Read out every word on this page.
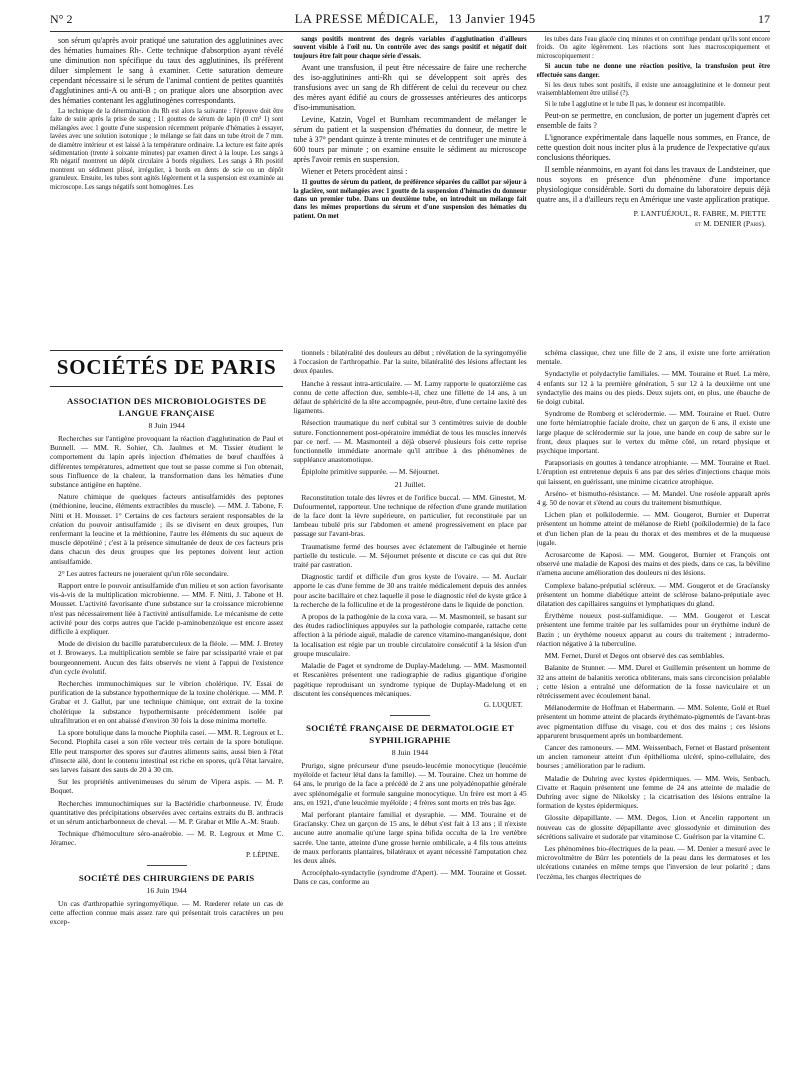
N° 2	LA PRESSE MÉDICALE, 13 Janvier 1945	17

son sérum qu'après avoir pratiqué une saturation des agglutinines avec des hématies humaines Rh-. Cette technique d'absorption ayant révélé une diminution non spécifique du taux des agglutinines, ils préfèrent diluer simplement le sang à examiner. Cette saturation demeure cependant nécessaire si le sérum de l'animal contient de petites quantités d'agglutinines anti-A ou anti-B ; on pratique alors une absorption avec des hématies contenant les agglutinogènes correspondants.

La technique de la détermination du Rh est alors la suivante : l'épreuve doit être faite de suite après la prise de sang ; 11 gouttes de sérum de lapin (0 cm³ 1) sont mélangées avec 1 goutte d'une suspension récemment préparée d'hématies à essayer, lavées avec une solution isotonique ; le mélange se fait dans un tube étroit de 7 mm. de diamètre intérieur et est laissé à la température ordinaire. La lecture est faite après sédimentation (trente à soixante minutes) par examen direct à la loupe. Les sangs à Rh négatif montrent un dépôt circulaire à bords réguliers. Les sangs à Rh positif montrent un sédiment plissé, irrégulier, à bords en dents de scie ou un dépôt granuleux. Ensuite, les tubes sont agités légèrement et la suspension est examinée au microscope. Les sangs négatifs sont homogènes. Les

sangs positifs montrent des degrés variables d'agglutination d'ailleurs souvent visible à l'œil nu. Un contrôle avec des sangs positif et négatif doit toujours être fait pour chaque série d'essais.

Avant une transfusion, il peut être nécessaire de faire une recherche des iso-agglutinines anti-Rh qui se développent soit après des transfusions avec un sang de Rh différent de celui du receveur ou chez des mères ayant édifié au cours de grossesses antérieures des anticorps d'iso-immunisation.

Levine, Katzin, Vogel et Burnham recommandent de mélanger le sérum du patient et la suspension d'hématies du donneur, de mettre le tube à 37° pendant quinze à trente minutes et de centrifuger une minute à 600 tours par minute ; on examine ensuite le sédiment au microscope après l'avoir remis en suspension.

Wiener et Peters procèdent ainsi :

11 gouttes de sérum du patient, de préférence séparées du caillot par séjour à la glacière, sont mélangées avec 1 goutte de la suspension d'hématies du donneur dans un premier tube. Dans un deuxième tube, on introduit un mélange fait dans les mêmes proportions du sérum et d'une suspension des hématies du patient. On met

les tubes dans l'eau glacée cinq minutes et on centrifuge pendant qu'ils sont encore froids. On agite légèrement. Les réactions sont lues macroscopiquement et microscopiquement :

Si aucun tube ne donne une réaction positive, la transfusion peut être effectuée sans danger.

Si les deux tubes sont positifs, il existe une autoagglutinine et le donneur peut vraisemblablement être utilisé (?).

Si le tube I agglutine et le tube II pas, le donneur est incompatible.

Peut-on se permettre, en conclusion, de porter un jugement d'après cet ensemble de faits ?

L'ignorance expérimentale dans laquelle nous sommes, en France, de cette question doit nous inciter plus à la prudence de l'expectative qu'aux conclusions théoriques.

Il semble néanmoins, en ayant foi dans les travaux de Landsteiner, que nous soyons en présence d'un phénomène d'une importance physiologique considérable. Sorti du domaine du laboratoire depuis déjà quatre ans, il a d'ailleurs reçu en Amérique une vaste application pratique.

P. LANTUÉJOUL, R. FABRE, M. PIETTE
et M. DENIER (Paris).
SOCIÉTÉS DE PARIS
ASSOCIATION DES MICROBIOLOGISTES DE LANGUE FRANÇAISE
8 Juin 1944

Recherches sur l'antigène provoquant la réaction d'agglutination de Paul et Bunnell. — MM. R. Sohier, Ch. Jaulmes et M. Tissier étudient le comportement du lapin après injection d'hématies de bœuf chauffées à différentes températures, admettent que tout se passe comme si l'on obtenait, sous l'influence de la chaleur, la transformation dans les hématies d'une substance antigène en haptène.

Nature chimique de quelques facteurs antisulfamidés des peptones (méthionine, leucine, éléments extractibles du muscle). — MM. J. Tabone, F. Nitti et H. Mousset. 1° Certains de ces facteurs seraient responsables de la création du pouvoir antisulfamide ; ils se divisent en deux groupes, l'un renfermant la leucine et la méthionine, l'autre les éléments du suc aqueux de muscle dépotéiné ; c'est à la présence simultanée de deux de ces facteurs pris dans chacun des deux groupes que les peptones doivent leur action antisulfamide.

2° Les autres facteurs ne joueraient qu'un rôle secondaire.

Rapport entre le pouvoir antisulfamide d'un milieu et son action favorisante vis-à-vis de la multiplication microbienne. — MM. F. Nitti, J. Tabone et H. Mousset. L'activité favorisante d'une substance sur la croissance microbienne n'est pas nécessairement liée à l'activité antisulfamide. Le mécanisme de cette activité pour des corps autres que l'acide p-aminobenzoïque est encore assez difficile à expliquer.

Mode de division du bacille paratuberculeux de la fléole. — MM. J. Bretey et J. Browaeys. La multiplication semble se faire par scissiparité vraie et par bourgeonnement. Aucun des faits observés ne vient à l'appui de l'existence d'un cycle évolutif.

Recherches immunochimiques sur le vibrion cholérique. IV. Essai de purification de la substance hypothermique de la toxine cholérique. — MM. P. Grabar et J. Gallut, par une technique chimique, ont extrait de la toxine cholérique la substance hypothermisante précédemment isolée par ultrafiltration et en ont abaissé d'environ 30 fois la dose minima mortelle.

La spore botulique dans la mouche Piophila casei. — MM. R. Legroux et L. Second. Piophila casei a son rôle vecteur très certain de la spore botulique. Elle peut transporter des spores sur d'autres aliments sains, aussi bien à l'état d'insecte ailé, dont le contenu intestinal est riche en spores, qu'à l'état larvaire, ses larves faisant des sauts de 20 à 30 cm.

Sur les propriétés antivenimeuses du sérum de Vipera aspis. — M. P. Boquet.

Recherches immunochimiques sur la Bactéridie charbonneuse. IV. Étude quantitative des précipitations observées avec certains extraits du B. anthracis et un sérum anticharbonneux de cheval. — M. P. Grabar et Mlle A.-M. Staub.

Technique d'hémoculture séro-anaérobie. — M. R. Legroux et Mme C. Jéramec.

P. LÉPINE.
SOCIÉTÉ DES CHIRURGIENS DE PARIS
16 Juin 1944

Un cas d'arthropathie syringomyélique. — M. Rœderer relate un cas de cette affection connue mais assez rare qui présentait trois caractères un peu excep-

tionnels : bilatéralité des douleurs au début ; révélation de la syringomyélie à l'occasion de l'arthropathie. Par la suite, bilatéralité des lésions affectant les deux épaules.

Hanche à ressaut intra-articulaire. — M. Lamy rapporte le quatorzième cas connu de cette affection due, semble-t-il, chez une fillette de 14 ans, à un défaut de sphéricité de la tête accompagnée, peut-être, d'une certaine laxité des ligaments.

Résection traumatique du nerf cubital sur 3 centimètres suivie de double suture. Fonctionnement post-opératoire immédiat de tous les muscles innervés par ce nerf. — M. Masmonteil a déjà observé plusieurs fois cette reprise fonctionnelle immédiate anormale qu'il attribue à des phénomènes de suppléance anastomotique.

Épiploïte primitive suppurée. — M. Séjournet.

21 Juillet.

Reconstitution totale des lèvres et de l'orifice buccal. — MM. Ginestet, M. Dufourmentel, rapporteur. Une technique de réfection d'une grande mutilation de la face dont la lèvre supérieure, en particulier, fut reconstituée par un lambeau tubulé pris sur l'abdomen et amené progressivement en place par passage sur l'avant-bras.

Traumatisme fermé des bourses avec éclatement de l'albuginée et hernie partielle du testicule. — M. Séjournet présente et discute ce cas qui dut être traité par castration.

Diagnostic tardif et difficile d'un gros kyste de l'ovaire. — M. Auclair apporte le cas d'une femme de 30 ans traitée médicalement depuis des années pour ascite bacillaire et chez laquelle il pose le diagnostic réel de kyste grâce à la recherche de la folliculine et de la progestérone dans le liquide de ponction.

A propos de la pathogénie de la coxa vara. — M. Masmonteil, se basant sur des études radiocliniques appuyées sur la pathologie comparée, rattache cette affection à la période aiguë, maladie de carence vitamino-manganésique, dont la localisation est régie par un trouble circulatoire consécutif à la lésion d'un groupe musculaire.

Maladie de Paget et syndrome de Duplay-Madelung. — MM. Masmonteil et Rescanières présentent une radiographie de radius gigantique d'origine pagétique reproduisant un syndrome typique de Duplay-Madelung et en discutent les conséquences mécaniques.

G. LUQUET.
SOCIÉTÉ FRANÇAISE DE DERMATOLOGIE ET SYPHILIGRAPHIE
8 Juin 1944

Prurigo, signe précurseur d'une pseudo-leucémie monocytique (leucémie myéloïde et facteur létal dans la famille). — M. Touraine. Chez un homme de 64 ans, le prurigo de la face a précédé de 2 ans une polyadénopathie générale avec splénomégalie et formule sanguine monocytique. Un frère est mort à 45 ans, en 1921, d'une leucémie myéloïde ; 4 frères sont morts en très bas âge.

Mal perforant plantaire familial et dysraphie. — MM. Touraine et de Gracïansky. Chez un garçon de 15 ans, le début s'est fait à 13 ans ; il n'existe aucune autre anomalie qu'une large spina bifida occulta de la 1re vertèbre sacrée. Une tante, atteinte d'une grosse hernie ombilicale, a 4 fils tous atteints de maux perforants plantaires, bilatéraux et ayant nécessité l'amputation chez les deux aînés.

Acrocéphalo-syndactylie (syndrome d'Apert). — MM. Touraine et Gosset. Dans ce cas, conforme au

schéma classique, chez une fille de 2 ans, il existe une forte arriération mentale.

Syndactylie et polydactylie familiales. — MM. Touraine et Ruel. La mère, 4 enfants sur 12 à la première génération, 5 sur 12 à la deuxième ont une syndactylie des mains ou des pieds. Deux sujets ont, en plus, une ébauche de 6e doigt cubital.

Syndrome de Romberg et sclérodermie. — MM. Touraine et Ruel. Outre une forte hémiatrophie faciale droite, chez un garçon de 6 ans, il existe une large plaque de sclérodermie sur la joue, une bande en coup de sabre sur le front, deux plaques sur le vertex du même côté, un retard physique et psychique important.

Parapsoriasis en gouttes à tendance atrophiante. — MM. Touraine et Ruel. L'éruption est entretenue depuis 6 ans par des séries d'injections chaque mois qui laissent, en guérissant, une minime cicatrice atrophique.

Arséno- et bismutho-résistance. — M. Mandel. Une roséole apparaît après 4 g. 50 de novar et s'étend au cours du traitement bismuthique.

Lichen plan et poïkilodermie. — MM. Gougerot, Burnier et Duperrat présentent un homme atteint de mélanose de Riehl (poïkilodermie) de la face et d'un lichen plan de la peau du thorax et des membres et de la muqueuse jugale.

Acrosarcome de Kaposi. — MM. Gougerot, Burnier et François ont observé une maladie de Kaposi des mains et des pieds, dans ce cas, la béviline n'amena aucune amélioration des douleurs ni des lésions.

Complexe balano-préputial scléreux. — MM. Gougerot et de Gracïansky présentent un homme diabétique atteint de sclérose balano-préputiale avec dilatation des capillaires sanguins et lymphatiques du gland.

Érythème noueux post-sulfamidique. — MM. Gougerot et Lescat présentent une femme traitée par les sulfamides pour un érythème induré de Bazin ; un érythème noueux apparut au cours du traitement ; intradermo-réaction négative à la tuberculine.

MM. Fernet, Durel et Degos ont observé des cas semblables.

Balanite de Stunner. — MM. Durel et Guillemin présentent un homme de 32 ans atteint de balanitis xerotica obliterans, mais sans circoncision préalable ; cette lésion a entraîné une déformation de la fosse naviculaire et un rétrécissement avec écoulement banal.

Mélanodermite de Hoffman et Habermann. — MM. Solente, Golé et Ruel présentent un homme atteint de placards érythémato-pigmentés de l'avant-bras avec pigmentation diffuse du visage, cou et dos des mains ; ces lésions apparurent brusquement après un bombardement.

Cancer des ramoneurs. — MM. Weissenbach, Fernet et Bastard présentent un ancien ramoneur atteint d'un épithélioma ulcéré, spino-cellulaire, des bourses ; amélioration par le radium.

Maladie de Duhring avec kystes épidermiques. — MM. Weis, Senbach, Civatte et Raquin présentent une femme de 24 ans atteinte de maladie de Duhring avec signe de Nikolsky ; la cicatrisation des lésions entraîne la formation de kystes épidermiques.

Glossite dépapillante. — MM. Degos, Lion et Ancelin rapportent un nouveau cas de glossite dépapillante avec glossodynie et diminution des sécrétions salivaire et sudorale par vitaminose C. Guérison par la vitamine C.

Les phénomènes bio-électriques de la peau. — M. Denier a mesuré avec le microvoltmètre de Bürr les potentiels de la peau dans les dermatoses et les ulcérations cutanées en même temps que l'inversion de leur polarité ; dans l'eczéma, les charges électriques de
